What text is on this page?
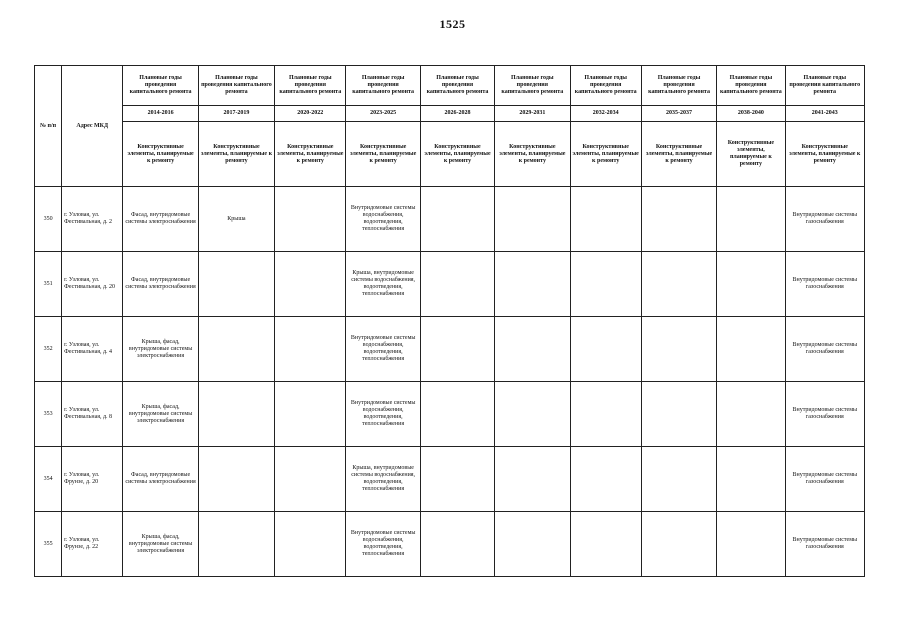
1525
№ п/п	Адрес МКД	Плановые годы проведения капитального ремонта	Плановые годы проведения капитального ремонта	Плановые годы проведения капитального ремонта	Плановые годы проведения капитального ремонта	Плановые годы проведения капитального ремонта	Плановые годы проведения капитального ремонта	Плановые годы проведения капитального ремонта	Плановые годы проведения капитального ремонта	Плановые годы проведения капитального ремонта	Плановые годы проведения капитального ремонта
		2014-2016	2017-2019	2020-2022	2023-2025	2026-2028	2029-2031	2032-2034	2035-2037	2038-2040	2041-2043
		Конструктивные элементы, планируемые к ремонту	Конструктивные элементы, планируемые к ремонту	Конструктивные элементы, планируемые к ремонту	Конструктивные элементы, планируемые к ремонту	Конструктивные элементы, планируемые к ремонту	Конструктивные элементы, планируемые к ремонту	Конструктивные элементы, планируемые к ремонту	Конструктивные элементы, планируемые к ремонту	Конструктивные элементы, планируемые к ремонту	Конструктивные элементы, планируемые к ремонту
350	г. Узловая, ул. Фестивальная, д. 2	Фасад, внутридомовые системы электроснабжения	Крыша		Внутридомовые системы водоснабжения, водоотведения, теплоснабжения						Внутридомовые системы газоснабжения
351	г. Узловая, ул. Фестивальная, д. 20	Фасад, внутридомовые системы электроснабжения			Крыша, внутридомовые системы водоснабжения, водоотведения, теплоснабжения						Внутридомовые системы газоснабжения
352	г. Узловая, ул. Фестивальная, д. 4	Крыша, фасад, внутридомовые системы электроснабжения			Внутридомовые системы водоснабжения, водоотведения, теплоснабжения						Внутридомовые системы газоснабжения
353	г. Узловая, ул. Фестивальная, д. 8	Крыша, фасад, внутридомовые системы электроснабжения			Внутридомовые системы водоснабжения, водоотведения, теплоснабжения						Внутридомовые системы газоснабжения
354	г. Узловая, ул. Фрунзе, д. 20	Фасад, внутридомовые системы электроснабжения			Крыша, внутридомовые системы водоснабжения, водоотведения, теплоснабжения						Внутридомовые системы газоснабжения
355	г. Узловая, ул. Фрунзе, д. 22	Крыша, фасад, внутридомовые системы электроснабжения			Внутридомовые системы водоснабжения, водоотведения, теплоснабжения						Внутридомовые системы газоснабжения
